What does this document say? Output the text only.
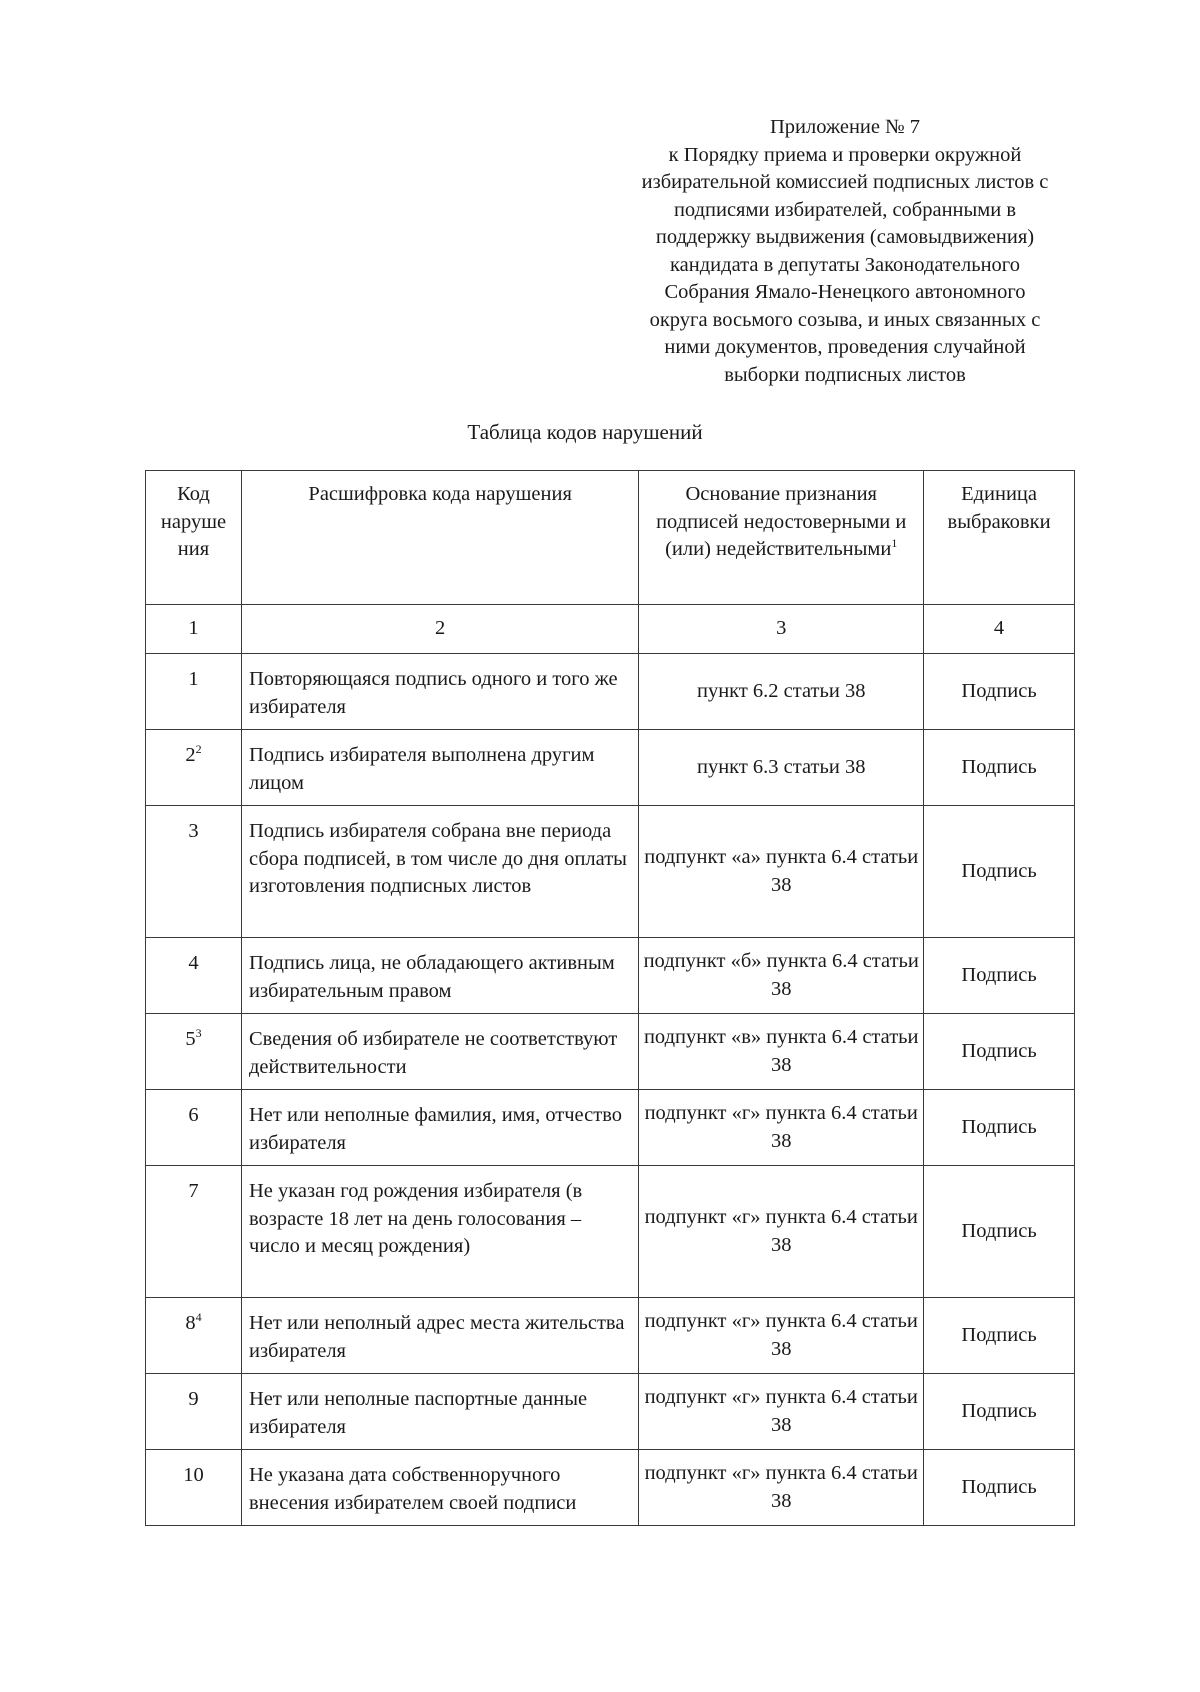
Приложение № 7
к Порядку приема и проверки окружной
избирательной комиссией подписных листов с
подписями избирателей, собранными в
поддержку выдвижения (самовыдвижения)
кандидата в депутаты Законодательного
Собрания Ямало-Ненецкого автономного
округа восьмого созыва, и иных связанных с
ними документов, проведения случайной
выборки подписных листов
Таблица кодов нарушений
Код наруше ния	Расшифровка кода нарушения	Основание признания подписей недостоверными и (или) недействительными$^1$	Единица выбраковки

1	2	3	4
1	Повторяющаяся подпись одного и того же избирателя	пункт 6.2 статьи 38	Подпись
$2^2$	Подпись избирателя выполнена другим лицом	пункт 6.3 статьи 38	Подпись
3	Подпись избирателя собрана вне периода сбора подписей, в том числе до дня оплаты изготовления подписных листов	подпункт «а» пункта 6.4 статьи 38	Подпись
4	Подпись лица, не обладающего активным избирательным правом	подпункт «б» пункта 6.4 статьи 38	Подпись
$5^3$	Сведения об избирателе не соответствуют действительности	подпункт «в» пункта 6.4 статьи 38	Подпись
6	Нет или неполные фамилия, имя, отчество избирателя	подпункт «г» пункта 6.4 статьи 38	Подпись
7	Не указан год рождения избирателя (в возрасте 18 лет на день голосования – число и месяц рождения)	подпункт «г» пункта 6.4 статьи 38	Подпись
$8^4$	Нет или неполный адрес места жительства избирателя	подпункт «г» пункта 6.4 статьи 38	Подпись
9	Нет или неполные паспортные данные избирателя	подпункт «г» пункта 6.4 статьи 38	Подпись
10	Не указана дата собственноручного внесения избирателем своей подписи	подпункт «г» пункта 6.4 статьи 38	Подпись
